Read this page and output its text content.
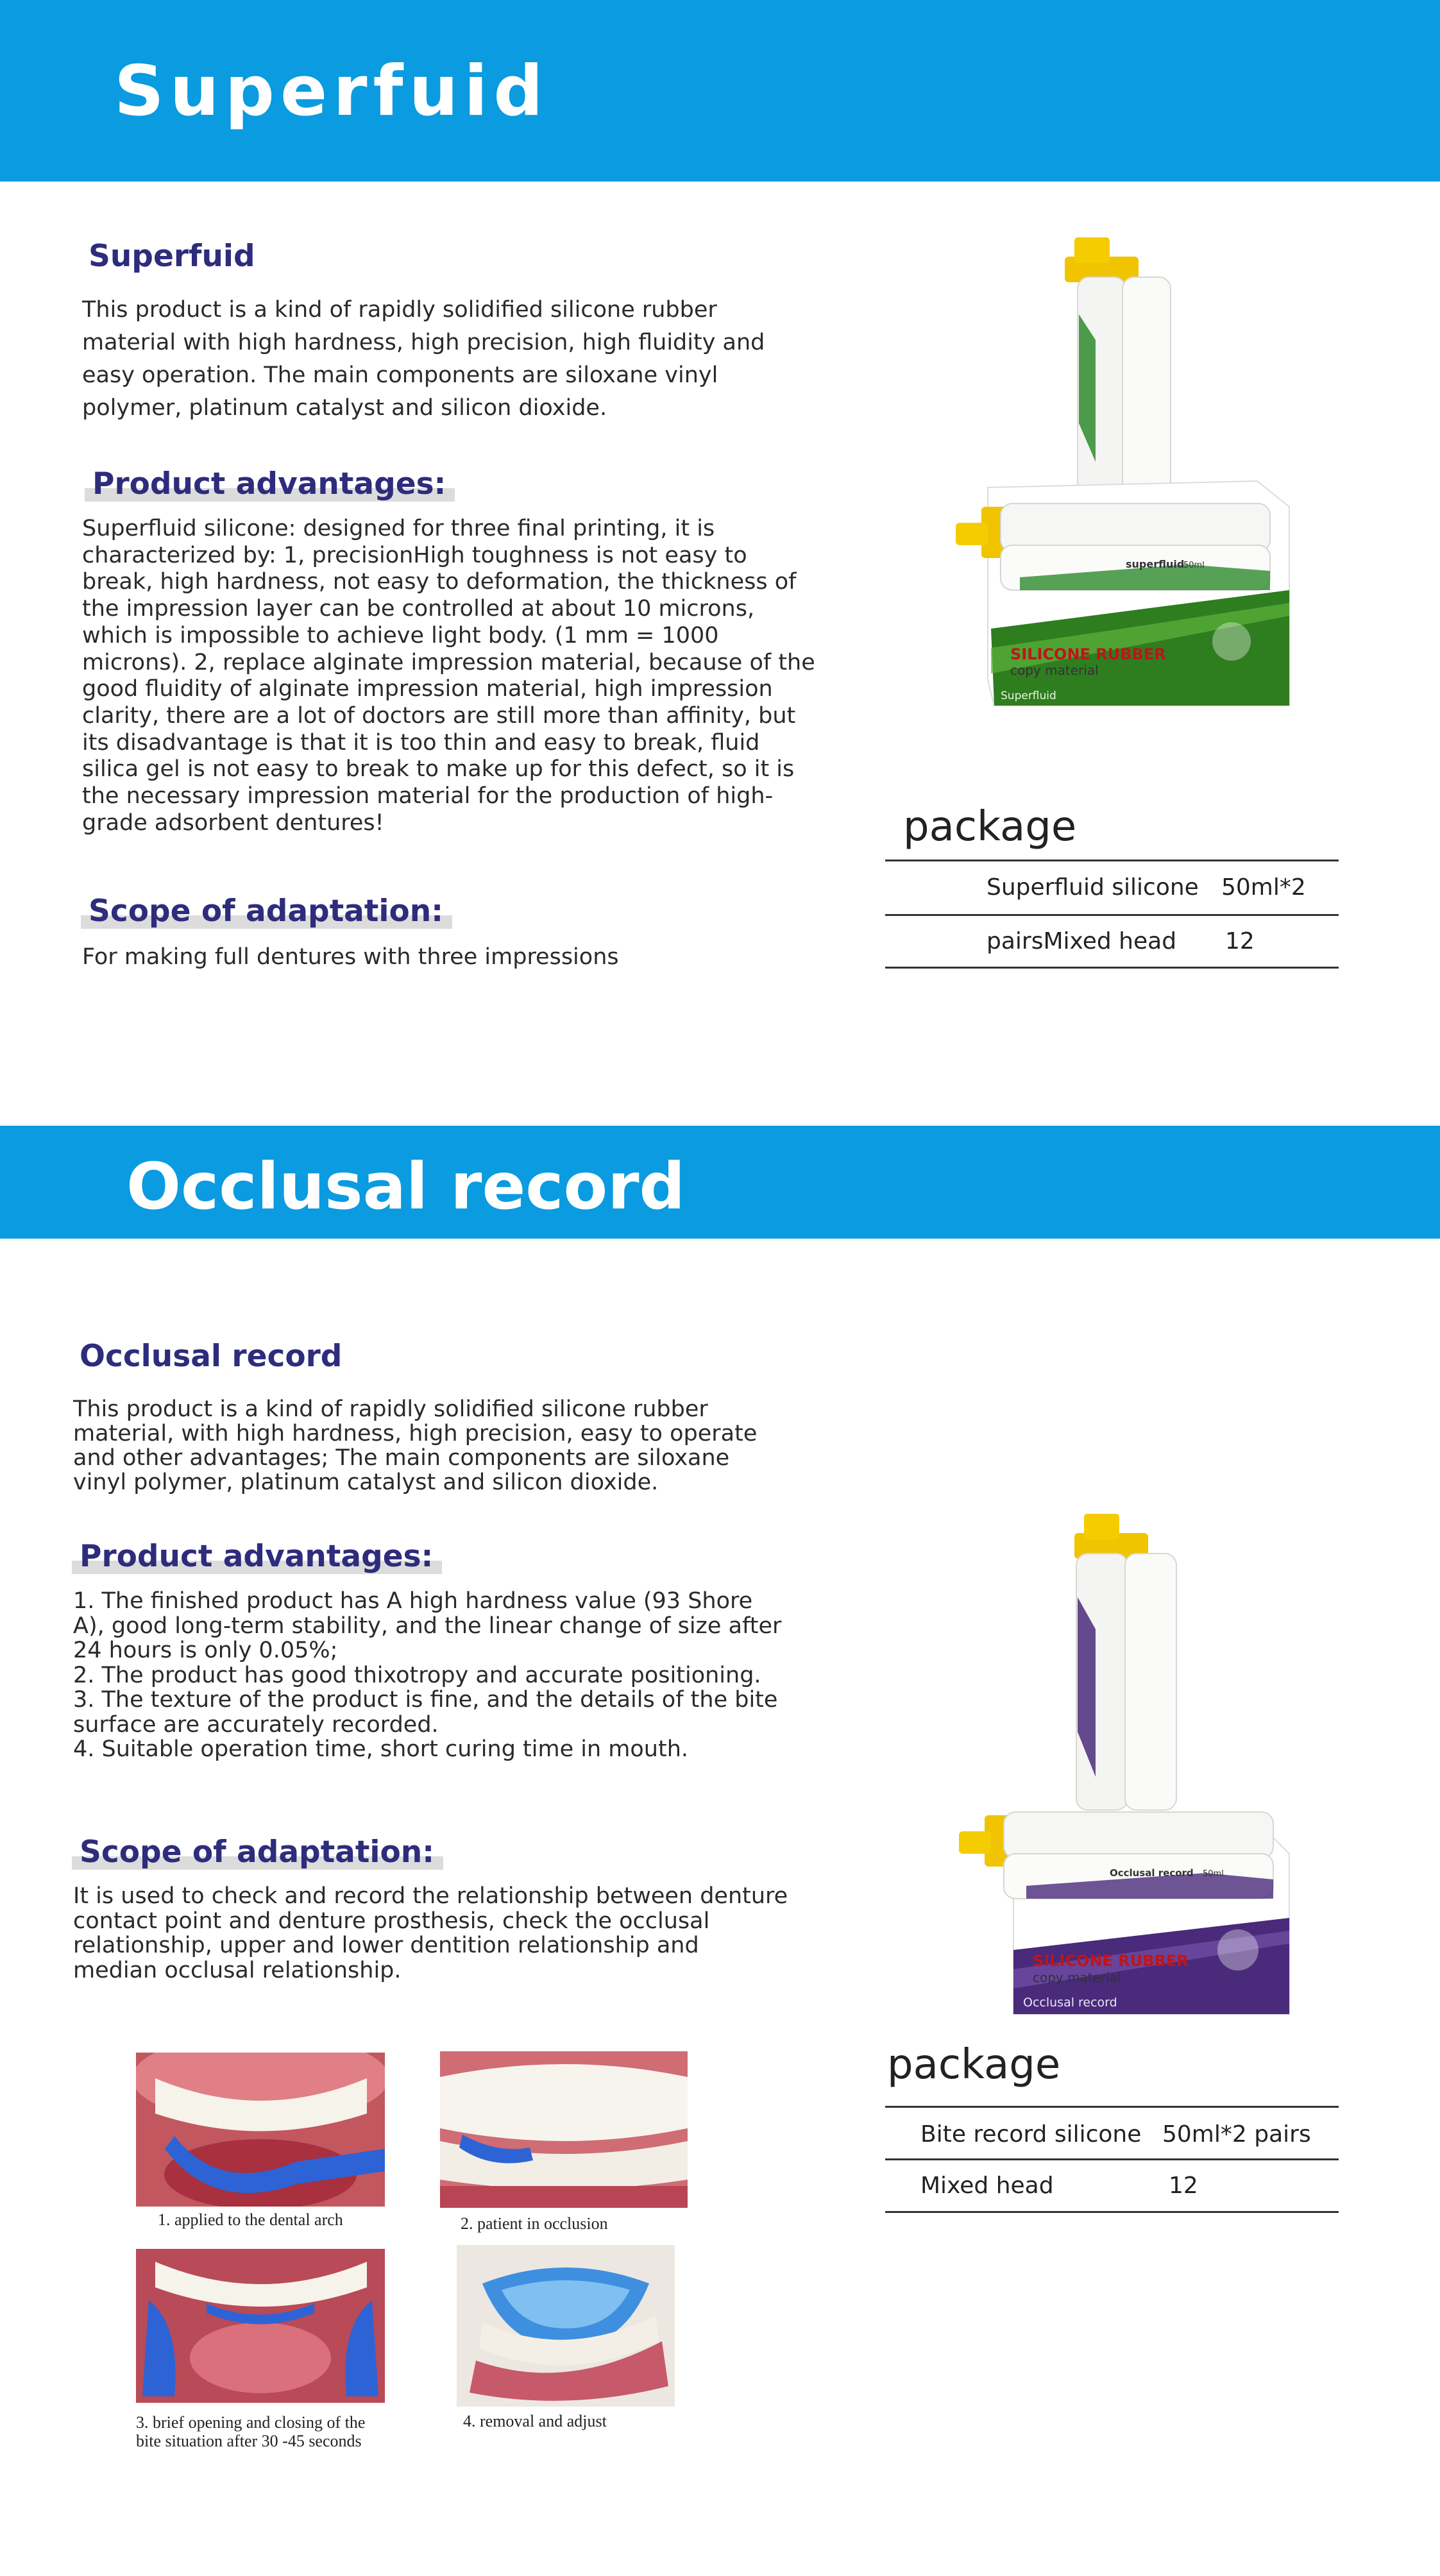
Superfuid
Superfuid

This product is a kind of rapidly solidified silicone rubber material with high hardness, high precision, high fluidity and easy operation. The main components are siloxane vinyl polymer, platinum catalyst and silicon dioxide.

Product advantages:

Superfluid silicone: designed for three final printing, it is characterized by: 1, precisionHigh toughness is not easy to break, high hardness, not easy to deformation, the thickness of the impression layer can be controlled at about 10 microns, which is impossible to achieve light body. (1 mm = 1000 microns). 2, replace alginate impression material, because of the good fluidity of alginate impression material, high impression clarity, there are a lot of doctors are still more than affinity, but its disadvantage is that it is too thin and easy to break, fluid silica gel is not easy to break to make up for this defect, so it is the necessary impression material for the production of high-grade adsorbent dentures!

Scope of adaptation:

For making full dentures with three impressions

superfluid
50ml
SILICONE RUBBER
copy material
Superfluid
package
Superfluid silicone 50ml*2
pairsMixed head 12
Occlusal record
Occlusal record

This product is a kind of rapidly solidified silicone rubber material, with high hardness, high precision, easy to operate and other advantages; The main components are siloxane vinyl polymer, platinum catalyst and silicon dioxide.

Product advantages:

1. The finished product has A high hardness value (93 Shore A), good long-term stability, and the linear change of size after 24 hours is only 0.05%;

2. The product has good thixotropy and accurate positioning.

3. The texture of the product is fine, and the details of the bite surface are accurately recorded.

4. Suitable operation time, short curing time in mouth.

Scope of adaptation:

It is used to check and record the relationship between denture contact point and denture prosthesis, check the occlusal relationship, upper and lower dentition relationship and median occlusal relationship.

Occlusal record 50ml
SILICONE RUBBER
copy material
Occlusal record
package
Bite record silicone 50ml*2 pairs
Mixed head	12
1. applied to the dental arch	2. patient in occlusion
3. brief opening and closing of the bite situation after 30 -45 seconds
4. removal and adjust
